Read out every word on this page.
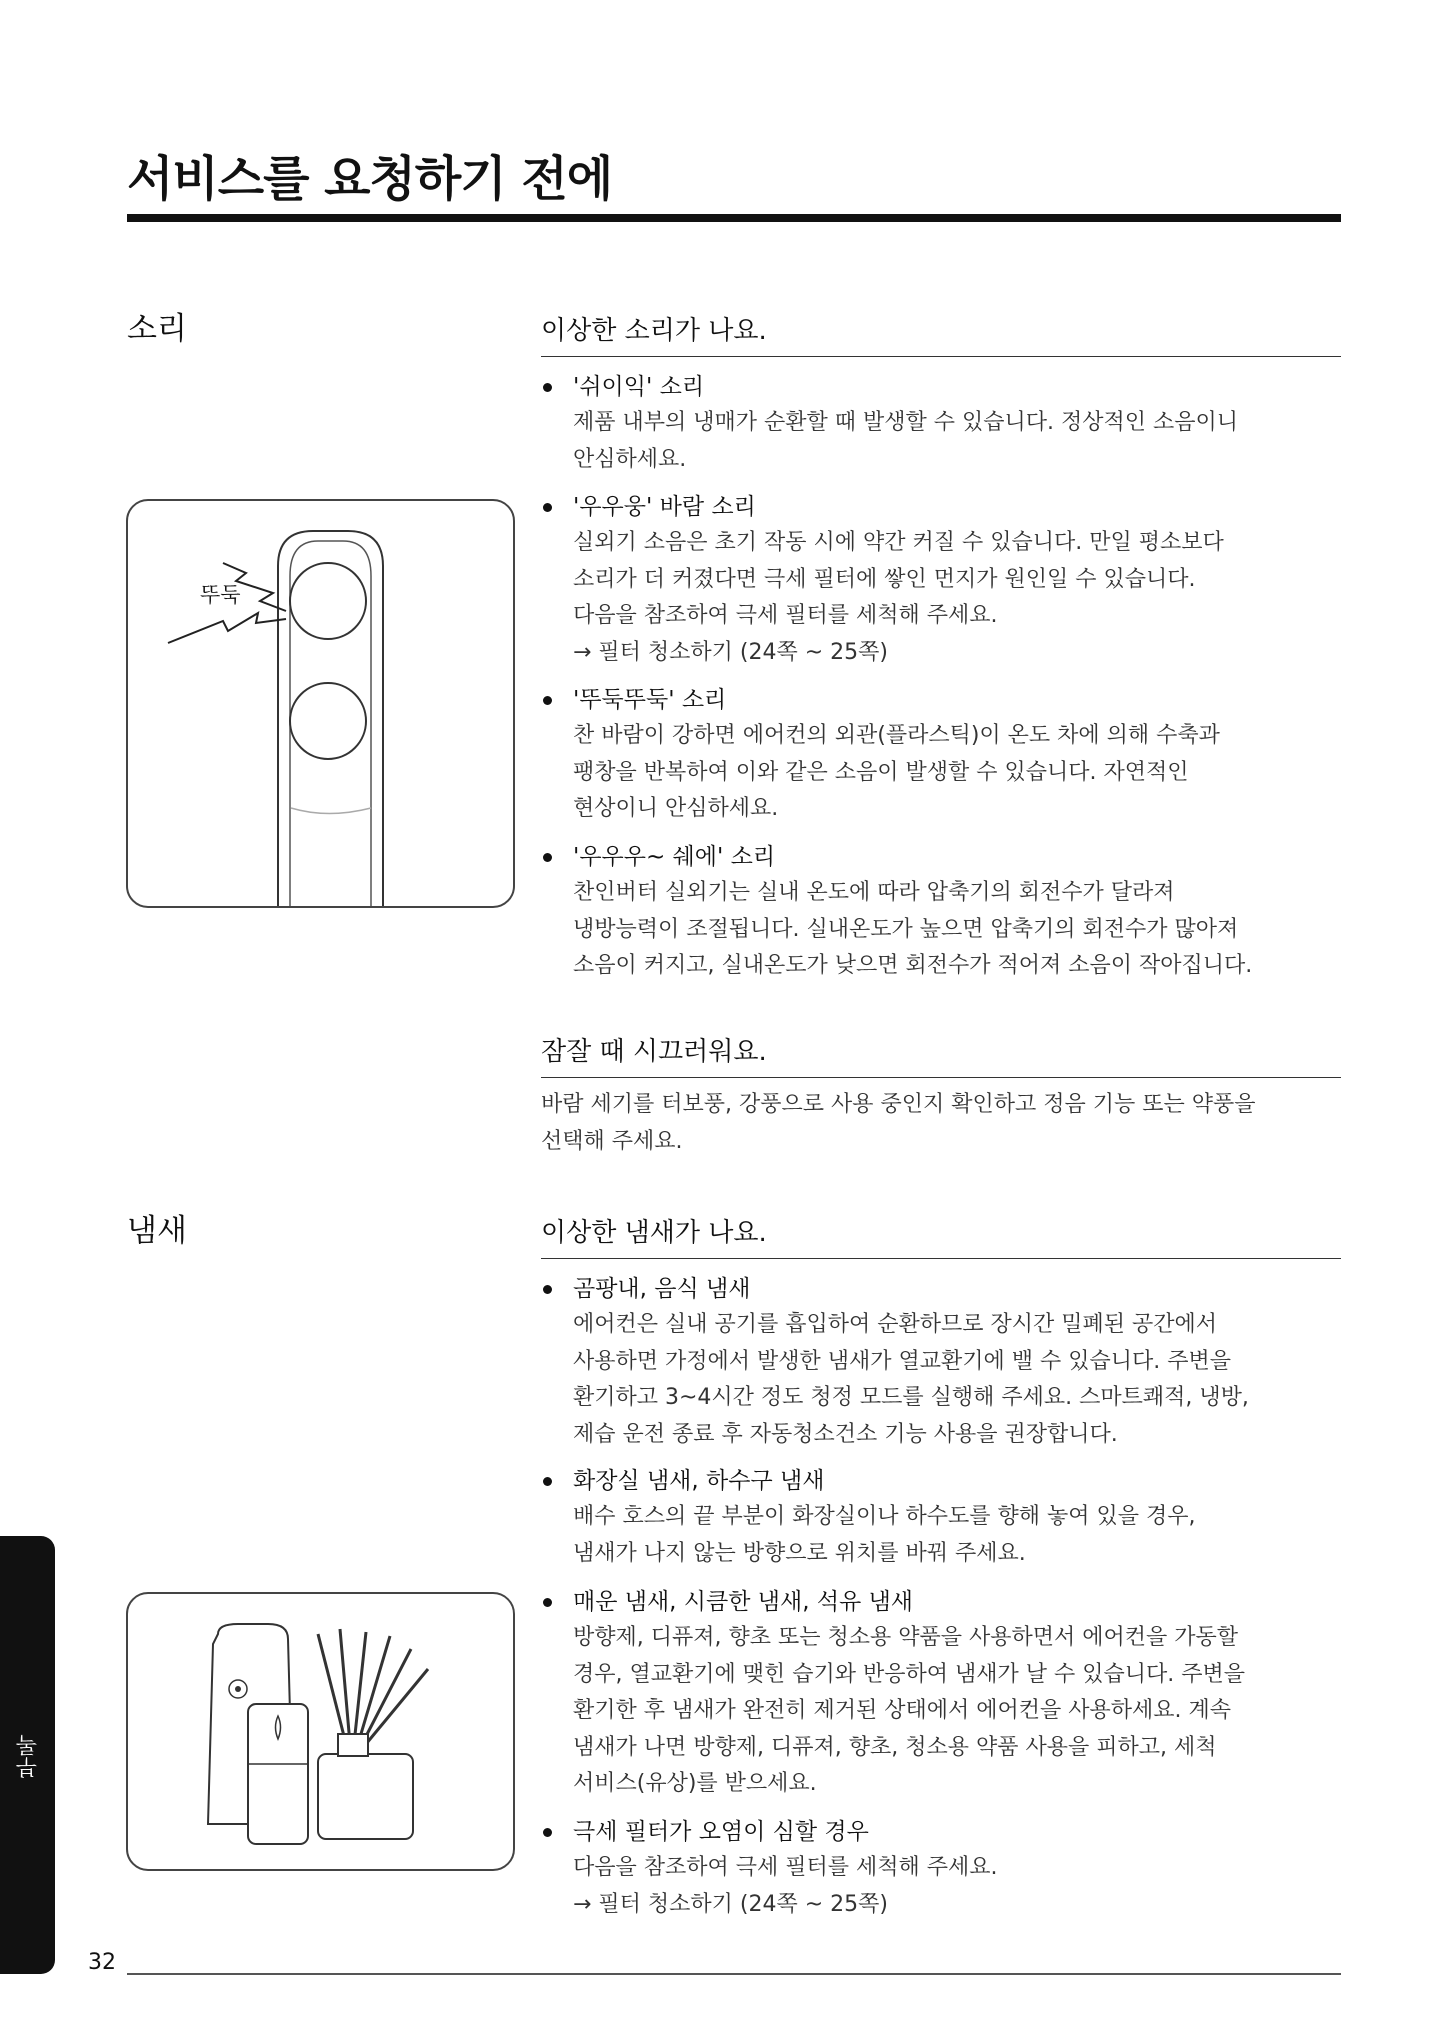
서비스를 요청하기 전에
소리
뚜둑
이상한 소리가 나요.
'쉬이익' 소리
제품 내부의 냉매가 순환할 때 발생할 수 있습니다. 정상적인 소음이니
안심하세요.
'우우웅' 바람 소리
실외기 소음은 초기 작동 시에 약간 커질 수 있습니다. 만일 평소보다
소리가 더 커졌다면 극세 필터에 쌓인 먼지가 원인일 수 있습니다.
다음을 참조하여 극세 필터를 세척해 주세요.
→ 필터 청소하기 (24쪽 ~ 25쪽)
'뚜둑뚜둑' 소리
찬 바람이 강하면 에어컨의 외관(플라스틱)이 온도 차에 의해 수축과
팽창을 반복하여 이와 같은 소음이 발생할 수 있습니다. 자연적인
현상이니 안심하세요.
'우우우~ 쉐에' 소리
찬인버터 실외기는 실내 온도에 따라 압축기의 회전수가 달라져
냉방능력이 조절됩니다. 실내온도가 높으면 압축기의 회전수가 많아져
소음이 커지고, 실내온도가 낮으면 회전수가 적어져 소음이 작아집니다.
잠잘 때 시끄러워요.
바람 세기를 터보풍, 강풍으로 사용 중인지 확인하고 정음 기능 또는 약풍을
선택해 주세요.
냄새	이상한 냄새가 나요.
곰팡내, 음식 냄새
에어컨은 실내 공기를 흡입하여 순환하므로 장시간 밀폐된 공간에서
사용하면 가정에서 발생한 냄새가 열교환기에 밸 수 있습니다. 주변을
환기하고 3~4시간 정도 청정 모드를 실행해 주세요. 스마트쾌적, 냉방,
제습 운전 종료 후 자동청소건소 기능 사용을 권장합니다.
화장실 냄새, 하수구 냄새
배수 호스의 끝 부분이 화장실이나 하수도를 향해 놓여 있을 경우,
냄새가 나지 않는 방향으로 위치를 바꿔 주세요.
매운 냄새, 시큼한 냄새, 석유 냄새
방향제, 디퓨져, 향초 또는 청소용 약품을 사용하면서 에어컨을 가동할
경우, 열교환기에 맺힌 습기와 반응하여 냄새가 날 수 있습니다. 주변을
환기한 후 냄새가 완전히 제거된 상태에서 에어컨을 사용하세요. 계속
냄새가 나면 방향제, 디퓨져, 향초, 청소용 약품 사용을 피하고, 세척
서비스(유상)를 받으세요.
극세 필터가 오염이 심할 경우
다음을 참조하여 극세 필터를 세척해 주세요.
→ 필터 청소하기 (24쪽 ~ 25쪽)
부록
32
